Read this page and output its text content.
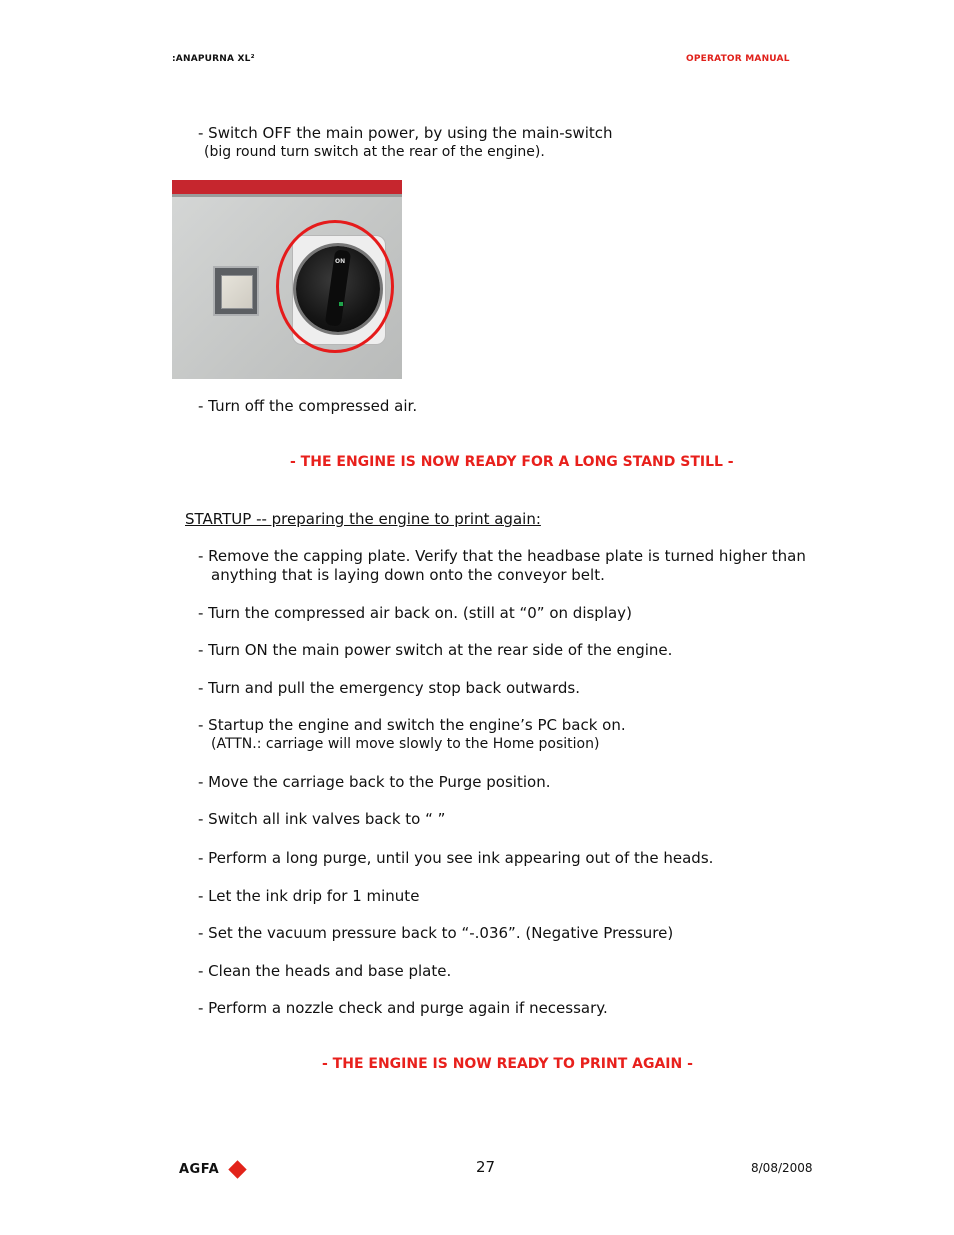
:ANAPURNA XL²	OPERATOR MANUAL
- Switch OFF the main power, by using the main-switch
(big round turn switch at the rear of the engine).
ON
- Turn off the compressed air.
- THE ENGINE IS NOW READY FOR A LONG STAND STILL -
STARTUP -- preparing the engine to print again:
- Remove the capping plate. Verify that the headbase plate is turned higher than
anything that is laying down onto the conveyor belt.
- Turn the compressed air back on. (still at “0” on display)
- Turn ON the main power switch at the rear side of the engine.
- Turn and pull the emergency stop back outwards.
- Startup the engine and switch the engine’s PC back on.
(ATTN.: carriage will move slowly to the Home position)
- Move the carriage back to the Purge position.
- Switch all ink valves back to “ ”
- Perform a long purge, until you see ink appearing out of the heads.
- Let the ink drip for 1 minute
- Set the vacuum pressure back to “-.036”. (Negative Pressure)
- Clean the heads and base plate.
- Perform a nozzle check and purge again if necessary.
- THE ENGINE IS NOW READY TO PRINT AGAIN -
AGFA	27	8/08/2008
